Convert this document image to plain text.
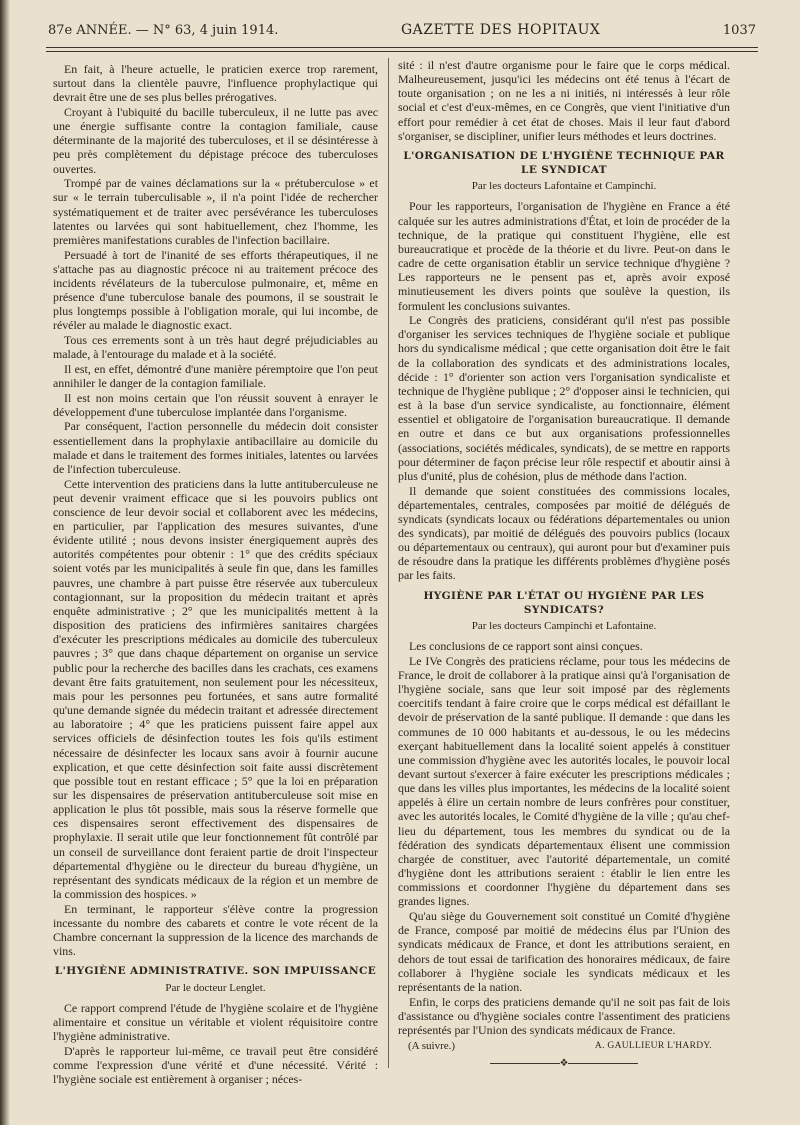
87e ANNÉE. — N° 63, 4 juin 1914.	GAZETTE DES HOPITAUX	1037

En fait, à l'heure actuelle, le praticien exerce trop rarement, surtout dans la clientèle pauvre, l'influence prophylactique qui devrait être une de ses plus belles prérogatives.

Croyant à l'ubiquité du bacille tuberculeux, il ne lutte pas avec une énergie suffisante contre la contagion familiale, cause déterminante de la majorité des tuberculoses, et il se désintéresse à peu près complètement du dépistage précoce des tuberculoses ouvertes.

Trompé par de vaines déclamations sur la « prétuberculose » et sur « le terrain tuberculisable », il n'a point l'idée de rechercher systématiquement et de traiter avec persévérance les tuberculoses latentes ou larvées qui sont habituellement, chez l'homme, les premières manifestations curables de l'infection bacillaire.

Persuadé à tort de l'inanité de ses efforts thérapeutiques, il ne s'attache pas au diagnostic précoce ni au traitement précoce des incidents révélateurs de la tuberculose pulmonaire, et, même en présence d'une tuberculose banale des poumons, il se soustrait le plus longtemps possible à l'obligation morale, qui lui incombe, de révéler au malade le diagnostic exact.

Tous ces errements sont à un très haut degré préjudiciables au malade, à l'entourage du malade et à la société.

Il est, en effet, démontré d'une manière péremptoire que l'on peut annihiler le danger de la contagion familiale.

Il est non moins certain que l'on réussit souvent à enrayer le développement d'une tuberculose implantée dans l'organisme.

Par conséquent, l'action personnelle du médecin doit consister essentiellement dans la prophylaxie antibacillaire au domicile du malade et dans le traitement des formes initiales, latentes ou larvées de l'infection tuberculeuse.

Cette intervention des praticiens dans la lutte antituberculeuse ne peut devenir vraiment efficace que si les pouvoirs publics ont conscience de leur devoir social et collaborent avec les médecins, en particulier, par l'application des mesures suivantes, d'une évidente utilité ; nous devons insister énergiquement auprès des autorités compétentes pour obtenir : 1° que des crédits spéciaux soient votés par les municipalités à seule fin que, dans les familles pauvres, une chambre à part puisse être réservée aux tuberculeux contagionnant, sur la proposition du médecin traitant et après enquête administrative ; 2° que les municipalités mettent à la disposition des praticiens des infirmières sanitaires chargées d'exécuter les prescriptions médicales au domicile des tuberculeux pauvres ; 3° que dans chaque département on organise un service public pour la recherche des bacilles dans les crachats, ces examens devant être faits gratuitement, non seulement pour les nécessiteux, mais pour les personnes peu fortunées, et sans autre formalité qu'une demande signée du médecin traitant et adressée directement au laboratoire ; 4° que les praticiens puissent faire appel aux services officiels de désinfection toutes les fois qu'ils estiment nécessaire de désinfecter les locaux sans avoir à fournir aucune explication, et que cette désinfection soit faite aussi discrètement que possible tout en restant efficace ; 5° que la loi en préparation sur les dispensaires de préservation antituberculeuse soit mise en application le plus tôt possible, mais sous la réserve formelle que ces dispensaires seront effectivement des dispensaires de prophylaxie. Il serait utile que leur fonctionnement fût contrôlé par un conseil de surveillance dont feraient partie de droit l'inspecteur départemental d'hygiène ou le directeur du bureau d'hygiène, un représentant des syndicats médicaux de la région et un membre de la commission des hospices. »

En terminant, le rapporteur s'élève contre la progression incessante du nombre des cabarets et contre le vote récent de la Chambre concernant la suppression de la licence des marchands de vins.

L'HYGIÈNE ADMINISTRATIVE. SON IMPUISSANCE
Par le docteur Lenglet.

Ce rapport comprend l'étude de l'hygiène scolaire et de l'hygiène alimentaire et consitue un véritable et violent réquisitoire contre l'hygiène administrative.

D'après le rapporteur lui-même, ce travail peut être considéré comme l'expression d'une vérité et d'une nécessité. Vérité : l'hygiène sociale est entièrement à organiser ; néces-

sité : il n'est d'autre organisme pour le faire que le corps médical. Malheureusement, jusqu'ici les médecins ont été tenus à l'écart de toute organisation ; on ne les a ni initiés, ni intéressés à leur rôle social et c'est d'eux-mêmes, en ce Congrès, que vient l'initiative d'un effort pour remédier à cet état de choses. Mais il leur faut d'abord s'organiser, se discipliner, unifier leurs méthodes et leurs doctrines.

L'ORGANISATION DE L'HYGIÈNE TECHNIQUE PAR LE SYNDICAT
Par les docteurs Lafontaine et Campinchi.

Pour les rapporteurs, l'organisation de l'hygiène en France a été calquée sur les autres administrations d'État, et loin de procéder de la technique, de la pratique qui constituent l'hygiène, elle est bureaucratique et procède de la théorie et du livre. Peut-on dans le cadre de cette organisation établir un service technique d'hygiène ? Les rapporteurs ne le pensent pas et, après avoir exposé minutieusement les divers points que soulève la question, ils formulent les conclusions suivantes.

Le Congrès des praticiens, considérant qu'il n'est pas possible d'organiser les services techniques de l'hygiène sociale et publique hors du syndicalisme médical ; que cette organisation doit être le fait de la collaboration des syndicats et des administrations locales, décide : 1° d'orienter son action vers l'organisation syndicaliste et technique de l'hygiène publique ; 2° d'opposer ainsi le technicien, qui est à la base d'un service syndicaliste, au fonctionnaire, élément essentiel et obligatoire de l'organisation bureaucratique. Il demande en outre et dans ce but aux organisations professionnelles (associations, sociétés médicales, syndicats), de se mettre en rapports pour déterminer de façon précise leur rôle respectif et aboutir ainsi à plus d'unité, plus de cohésion, plus de méthode dans l'action.

Il demande que soient constituées des commissions locales, départementales, centrales, composées par moitié de délégués de syndicats (syndicats locaux ou fédérations départementales ou union des syndicats), par moitié de délégués des pouvoirs publics (locaux ou départementaux ou centraux), qui auront pour but d'examiner puis de résoudre dans la pratique les différents problèmes d'hygiène posés par les faits.

HYGIÈNE PAR L'ÉTAT OU HYGIÈNE PAR LES SYNDICATS?
Par les docteurs Campinchi et Lafontaine.

Les conclusions de ce rapport sont ainsi conçues.

Le IVe Congrès des praticiens réclame, pour tous les médecins de France, le droit de collaborer à la pratique ainsi qu'à l'organisation de l'hygiène sociale, sans que leur soit imposé par des règlements coercitifs tendant à faire croire que le corps médical est défaillant le devoir de préservation de la santé publique. Il demande : que dans les communes de 10 000 habitants et au-dessous, le ou les médecins exerçant habituellement dans la localité soient appelés à constituer une commission d'hygiène avec les autorités locales, le pouvoir local devant surtout s'exercer à faire exécuter les prescriptions médicales ; que dans les villes plus importantes, les médecins de la localité soient appelés à élire un certain nombre de leurs confrères pour constituer, avec les autorités locales, le Comité d'hygiène de la ville ; qu'au chef-lieu du département, tous les membres du syndicat ou de la fédération des syndicats départementaux élisent une commission chargée de constituer, avec l'autorité départementale, un comité d'hygiène dont les attributions seraient : établir le lien entre les commissions et coordonner l'hygiène du département dans ses grandes lignes.

Qu'au siège du Gouvernement soit constitué un Comité d'hygiène de France, composé par moitié de médecins élus par l'Union des syndicats médicaux de France, et dont les attributions seraient, en dehors de tout essai de tarification des honoraires médicaux, de faire collaborer à l'hygiène sociale les syndicats médicaux et les représentants de la nation.

Enfin, le corps des praticiens demande qu'il ne soit pas fait de lois d'assistance ou d'hygiène sociales contre l'assentiment des praticiens représentés par l'Union des syndicats médicaux de France.

(A suivre.)	A. GAULLIEUR L'HARDY.
❖
